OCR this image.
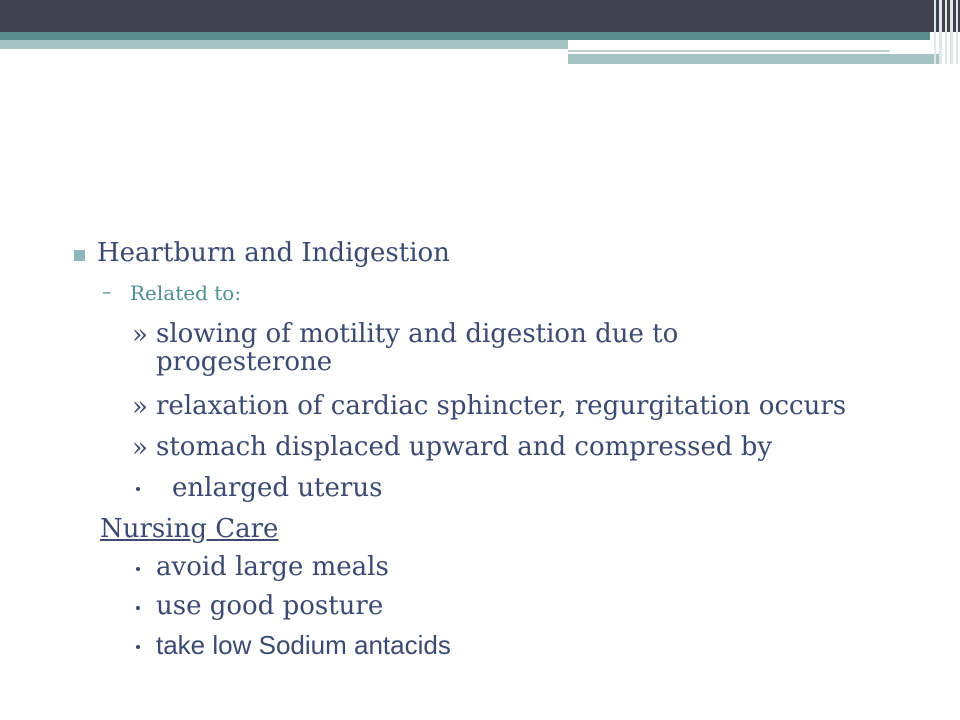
Heartburn and Indigestion
– Related to:
» slowing of motility and digestion due to
progesterone
» relaxation of cardiac sphincter, regurgitation occurs
» stomach displaced upward and compressed by
enlarged uterus
Nursing Care
avoid large meals
use good posture
take low Sodium antacids
